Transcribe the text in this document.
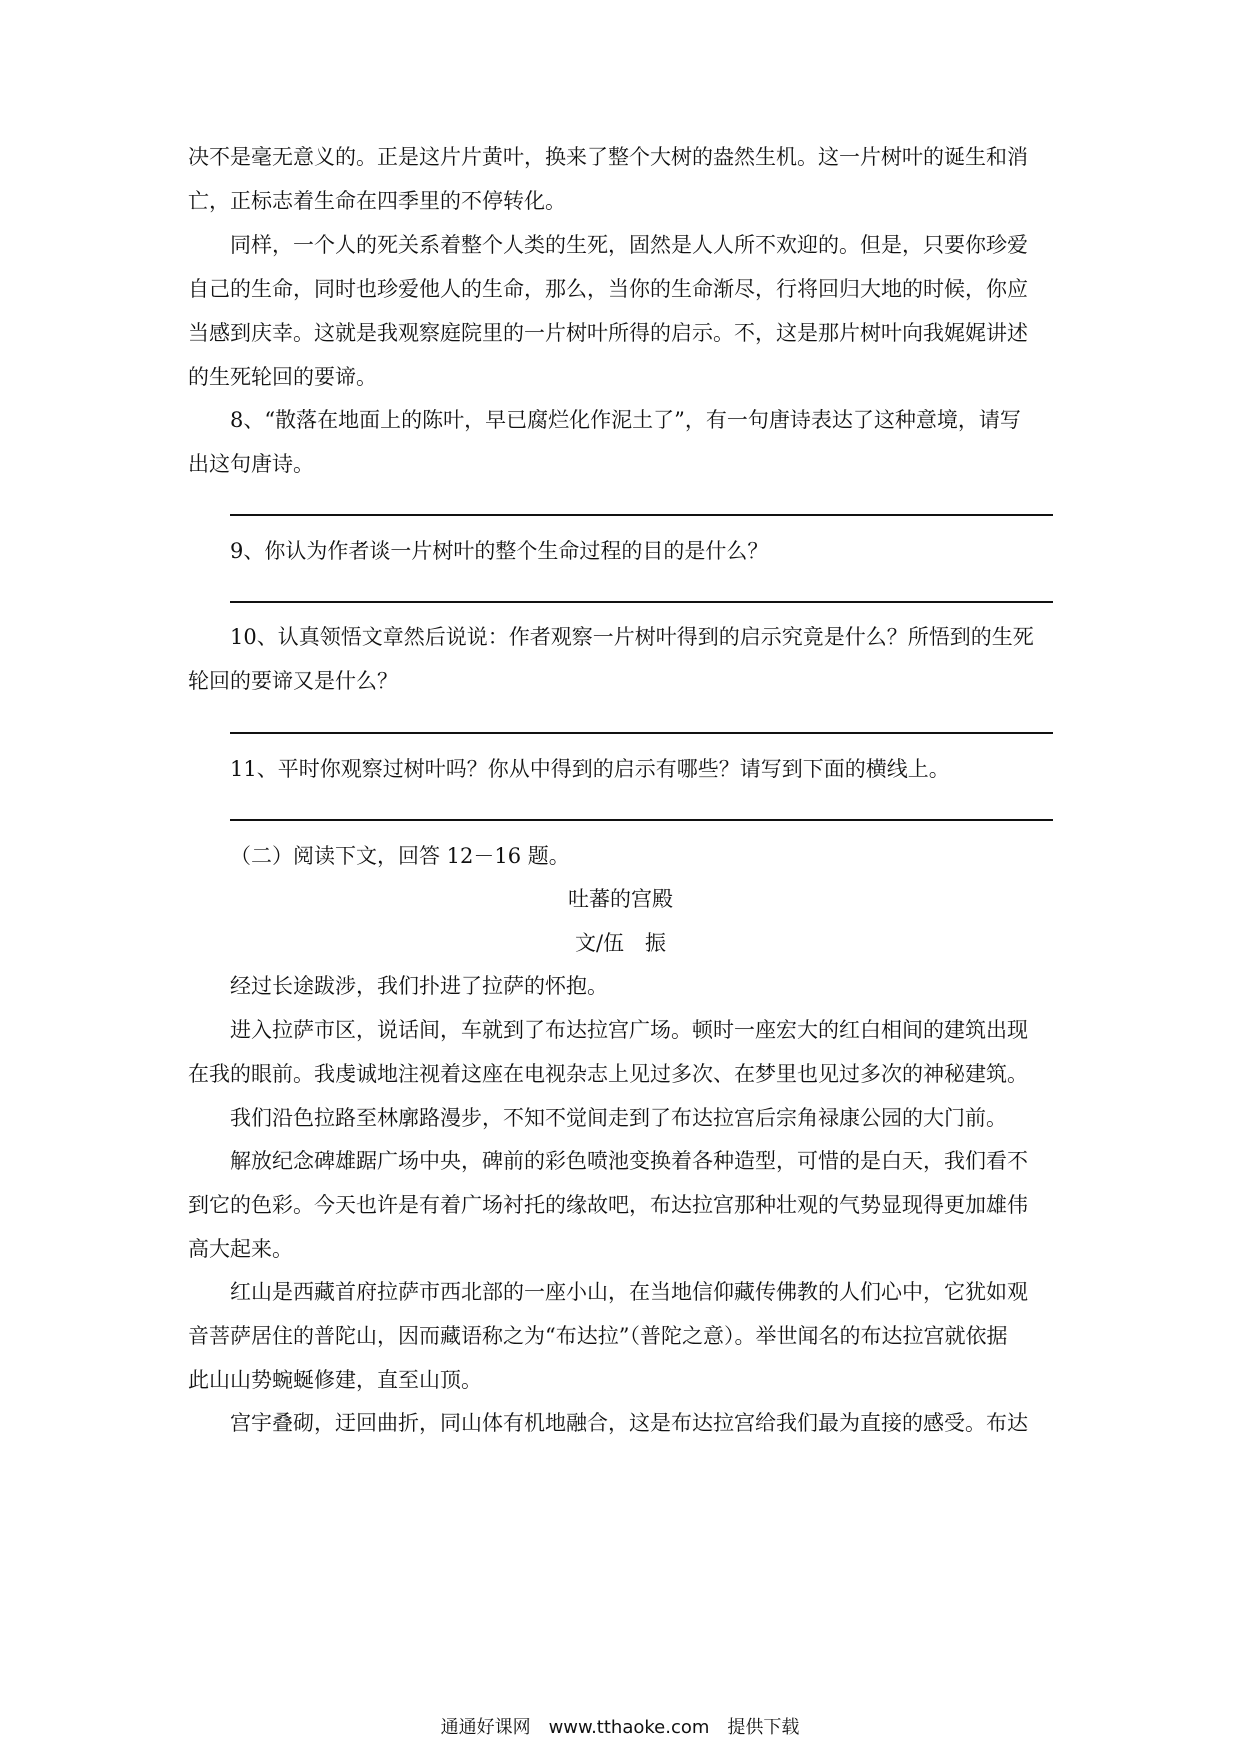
决不是毫无意义的。正是这片片黄叶，换来了整个大树的盎然生机。这一片树叶的诞生和消
亡，正标志着生命在四季里的不停转化。
同样，一个人的死关系着整个人类的生死，固然是人人所不欢迎的。但是，只要你珍爱
自己的生命，同时也珍爱他人的生命，那么，当你的生命渐尽，行将回归大地的时候，你应
当感到庆幸。这就是我观察庭院里的一片树叶所得的启示。不，这是那片树叶向我娓娓讲述
的生死轮回的要谛。
8、“散落在地面上的陈叶，早已腐烂化作泥土了”，有一句唐诗表达了这种意境，请写
出这句唐诗。
9、你认为作者谈一片树叶的整个生命过程的目的是什么？
10、认真领悟文章然后说说：作者观察一片树叶得到的启示究竟是什么？所悟到的生死
轮回的要谛又是什么？
11、平时你观察过树叶吗？你从中得到的启示有哪些？请写到下面的横线上。
（二）阅读下文，回答 12－16 题。
吐蕃的宫殿
文/伍　振
经过长途跋涉，我们扑进了拉萨的怀抱。
进入拉萨市区，说话间，车就到了布达拉宫广场。顿时一座宏大的红白相间的建筑出现
在我的眼前。我虔诚地注视着这座在电视杂志上见过多次、在梦里也见过多次的神秘建筑。
我们沿色拉路至林廓路漫步，不知不觉间走到了布达拉宫后宗角禄康公园的大门前。
解放纪念碑雄踞广场中央，碑前的彩色喷池变换着各种造型，可惜的是白天，我们看不
到它的色彩。今天也许是有着广场衬托的缘故吧，布达拉宫那种壮观的气势显现得更加雄伟
高大起来。
红山是西藏首府拉萨市西北部的一座小山，在当地信仰藏传佛教的人们心中，它犹如观
音菩萨居住的普陀山，因而藏语称之为“布达拉”（普陀之意）。举世闻名的布达拉宫就依据
此山山势蜿蜒修建，直至山顶。
宫宇叠砌，迂回曲折，同山体有机地融合，这是布达拉宫给我们最为直接的感受。布达
通通好课网　www.tthaoke.com　提供下载
